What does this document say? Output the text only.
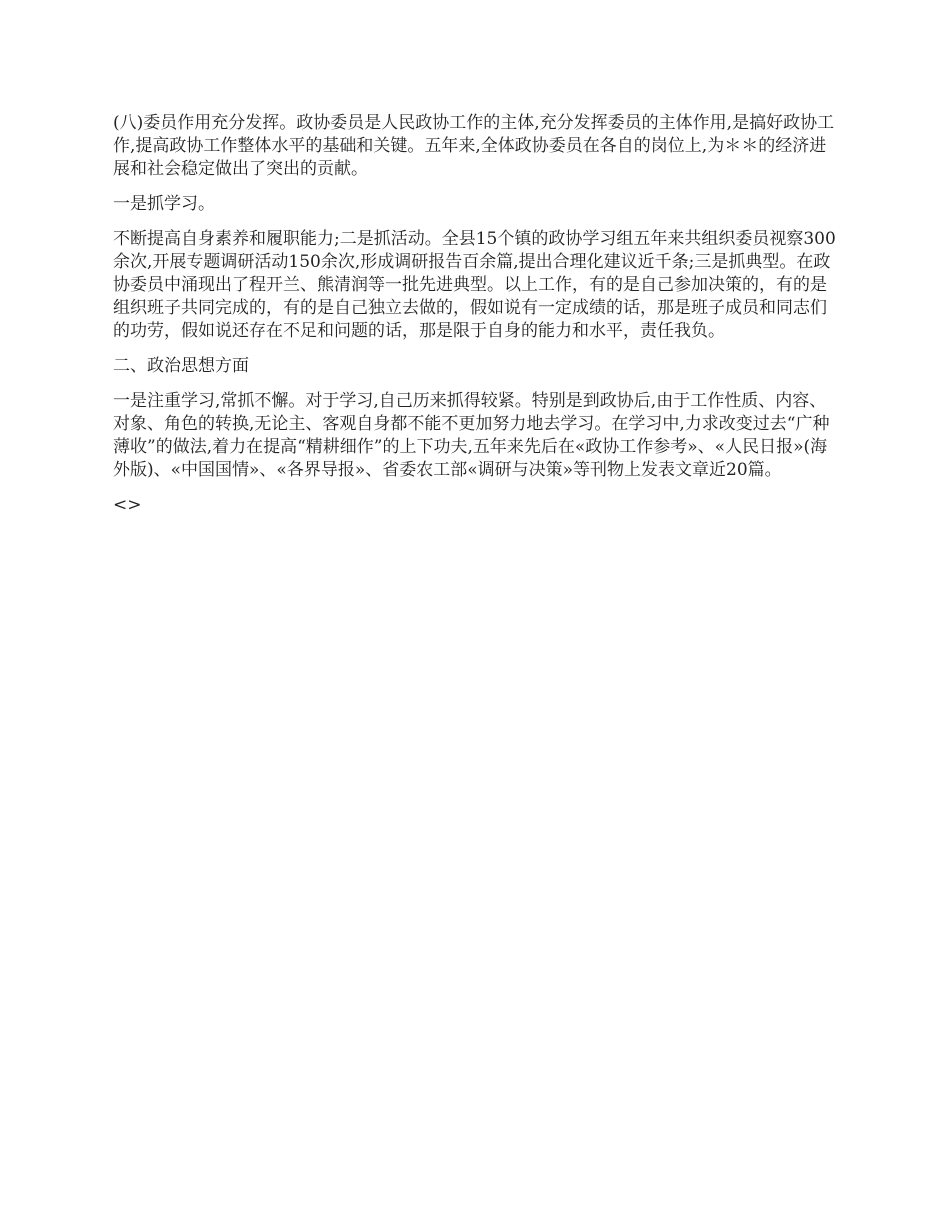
(八)委员作用充分发挥。政协委员是人民政协工作的主体,充分发挥委员的主体作用,是搞好政协工作,提高政协工作整体水平的基础和关键。五年来,全体政协委员在各自的岗位上,为＊＊的经济进展和社会稳定做出了突出的贡献。

一是抓学习。

不断提高自身素养和履职能力;二是抓活动。全县15个镇的政协学习组五年来共组织委员视察300余次,开展专题调研活动150余次,形成调研报告百余篇,提出合理化建议近千条;三是抓典型。在政协委员中涌现出了程开兰、熊清润等一批先进典型。以上工作，有的是自己参加决策的，有的是组织班子共同完成的，有的是自己独立去做的，假如说有一定成绩的话，那是班子成员和同志们的功劳，假如说还存在不足和问题的话，那是限于自身的能力和水平，责任我负。

二、政治思想方面

一是注重学习,常抓不懈。对于学习,自己历来抓得较紧。特别是到政协后,由于工作性质、内容、对象、角色的转换,无论主、客观自身都不能不更加努力地去学习。在学习中,力求改变过去“广种薄收”的做法,着力在提高“精耕细作”的上下功夫,五年来先后在«政协工作参考»、«人民日报»(海外版)、«中国国情»、«各界导报»、省委农工部«调研与决策»等刊物上发表文章近20篇。

<>
